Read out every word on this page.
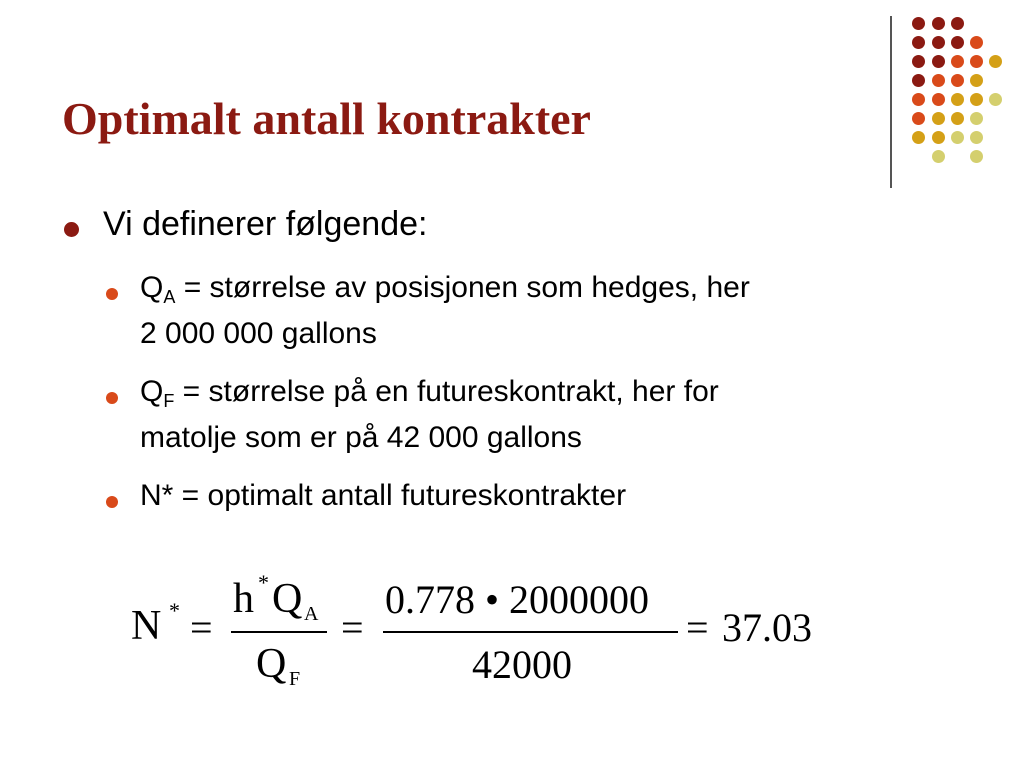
Optimalt antall kontrakter
Vi definerer følgende:
$Q_A$ = størrelse av posisjonen som hedges, her
2 000 000 gallons
$Q_F$ = størrelse på en futureskontrakt, her for
matolje som er på 42 000 gallons
N* = optimalt antall futureskontrakter
N * =
h * Q A
Q F
=
0.778 • 2000000
42000
= 37.03
